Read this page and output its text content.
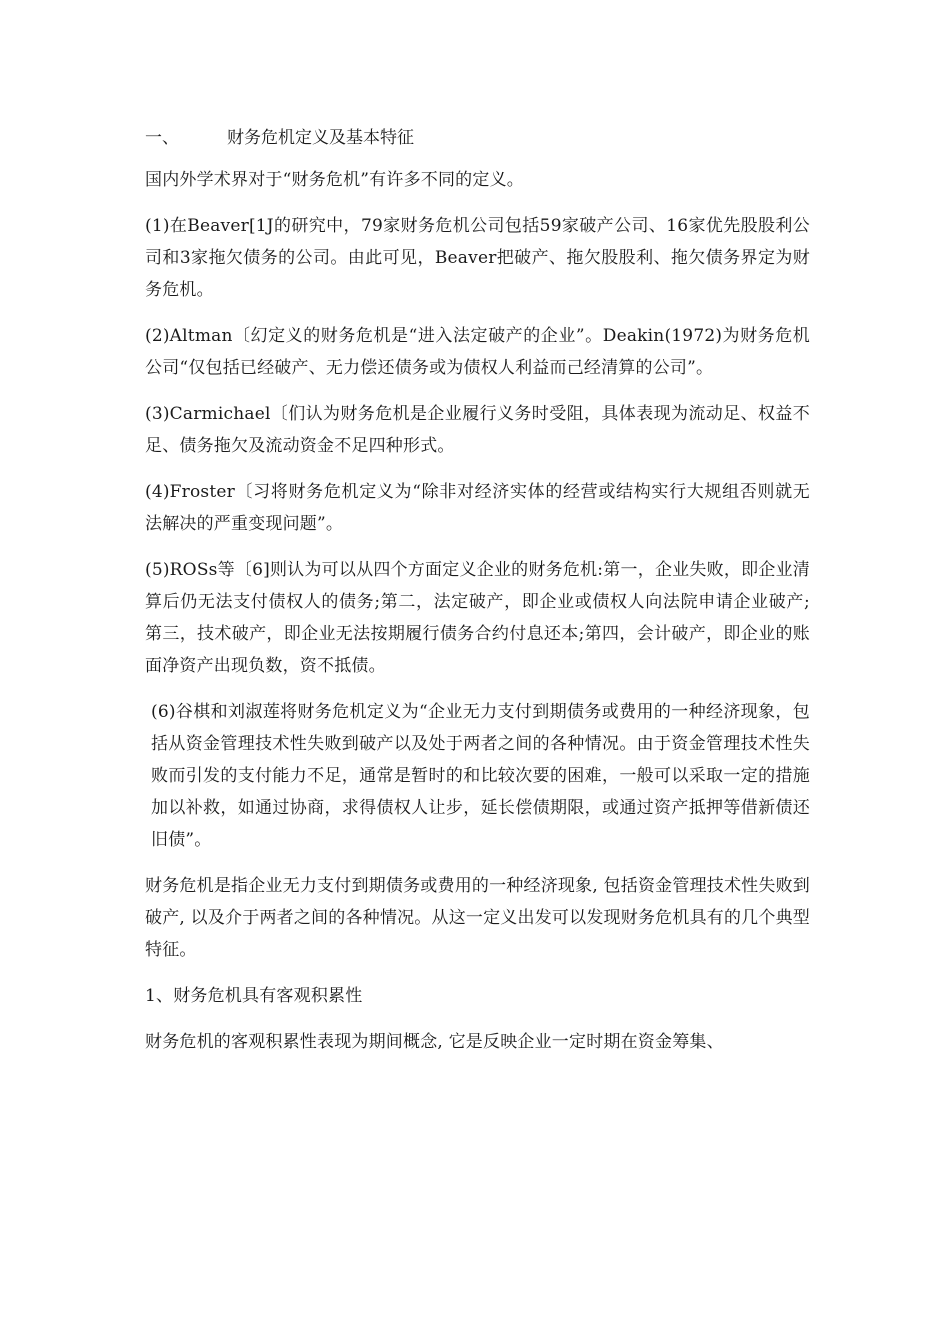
一、	财务危机定义及基本特征

国内外学术界对于“财务危机”有许多不同的定义。

(1)在Beaver[1J的研究中，79家财务危机公司包括59家破产公司、16家优先股股利公司和3家拖欠债务的公司。由此可见，Beaver把破产、拖欠股股利、拖欠债务界定为财务危机。

(2)Altman〔幻定义的财务危机是“进入法定破产的企业”。Deakin(1972)为财务危机公司“仅包括已经破产、无力偿还债务或为债权人利益而己经清算的公司”。

(3)Carmichael〔们认为财务危机是企业履行义务时受阻，具体表现为流动足、权益不足、债务拖欠及流动资金不足四种形式。

(4)Froster〔习将财务危机定义为“除非对经济实体的经营或结构实行大规组否则就无法解决的严重变现问题”。

(5)ROSs等〔6]则认为可以从四个方面定义企业的财务危机:第一，企业失败，即企业清算后仍无法支付债权人的债务;第二，法定破产，即企业或债权人向法院申请企业破产;第三，技术破产，即企业无法按期履行债务合约付息还本;第四，会计破产，即企业的账面净资产出现负数，资不抵债。

(6)谷棋和刘淑莲将财务危机定义为“企业无力支付到期债务或费用的一种经济现象，包括从资金管理技术性失败到破产以及处于两者之间的各种情况。由于资金管理技术性失败而引发的支付能力不足，通常是暂时的和比较次要的困难，一般可以采取一定的措施加以补救，如通过协商，求得债权人让步，延长偿债期限，或通过资产抵押等借新债还旧债”。

财务危机是指企业无力支付到期债务或费用的一种经济现象, 包括资金管理技术性失败到破产, 以及介于两者之间的各种情况。从这一定义出发可以发现财务危机具有的几个典型特征。

1、财务危机具有客观积累性

财务危机的客观积累性表现为期间概念, 它是反映企业一定时期在资金筹集、
